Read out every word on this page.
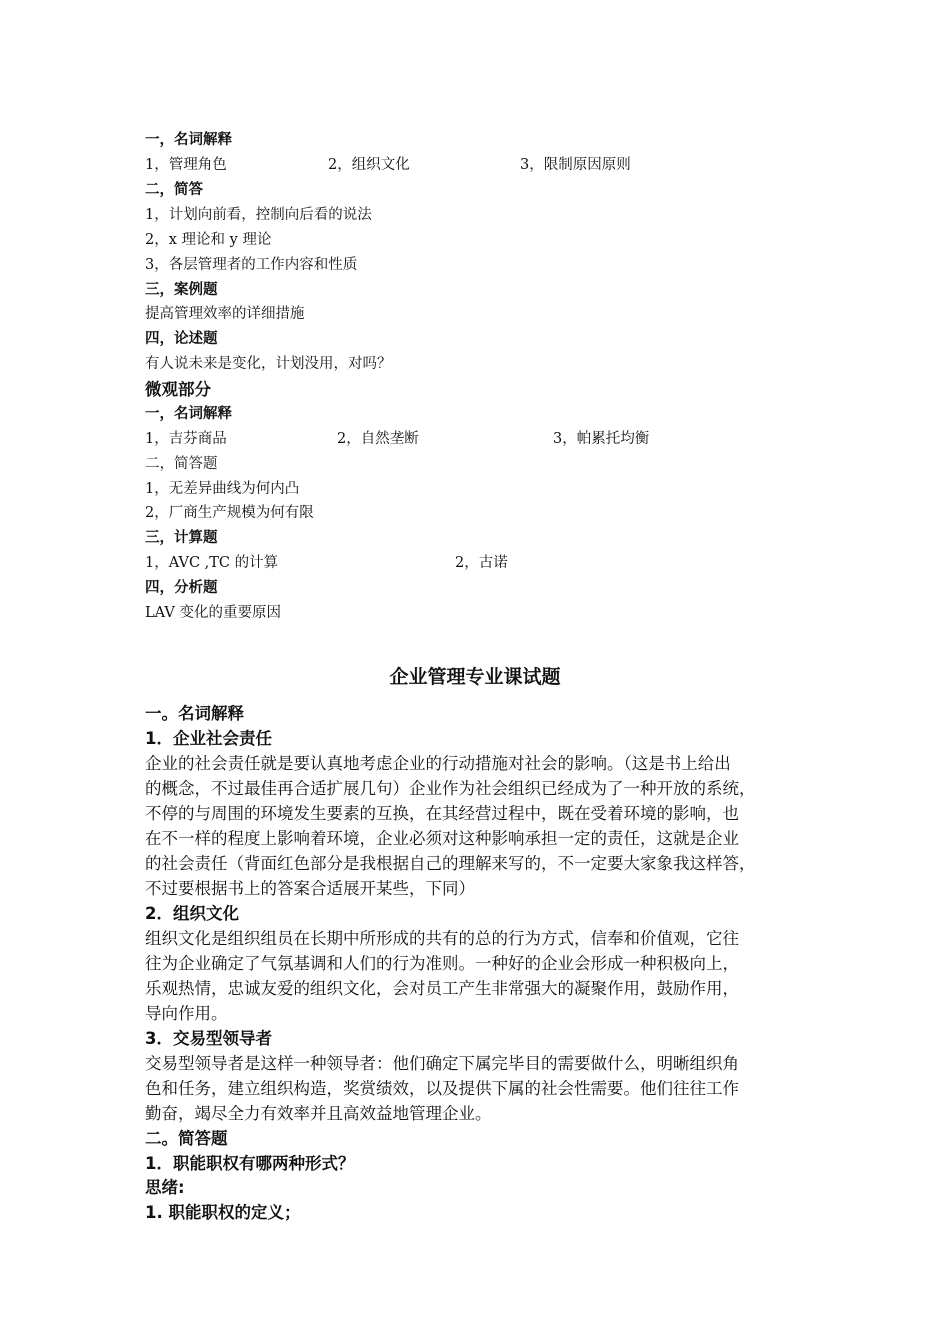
一，名词解释
1，管理角色	2，组织文化	3，限制原因原则
二，简答
1，计划向前看，控制向后看的说法
2，x 理论和 y 理论
3，各层管理者的工作内容和性质
三，案例题
提高管理效率的详细措施
四，论述题
有人说未来是变化，计划没用，对吗？
微观部分
一，名词解释
1，吉芬商品	2，自然垄断	3，帕累托均衡
二，简答题
1，无差异曲线为何内凸
2，厂商生产规模为何有限
三，计算题
1，AVC ,TC 的计算	2，古诺
四，分析题
LAV 变化的重要原因
企业管理专业课试题
一。名词解释
1．企业社会责任
企业的社会责任就是要认真地考虑企业的行动措施对社会的影响。（这是书上给出
的概念，不过最佳再合适扩展几句）企业作为社会组织已经成为了一种开放的系统，
不停的与周围的环境发生要素的互换，在其经营过程中，既在受着环境的影响，也
在不一样的程度上影响着环境，企业必须对这种影响承担一定的责任，这就是企业
的社会责任（背面红色部分是我根据自己的理解来写的，不一定要大家象我这样答，
不过要根据书上的答案合适展开某些，下同）
2．组织文化
组织文化是组织组员在长期中所形成的共有的总的行为方式，信奉和价值观，它往
往为企业确定了气氛基调和人们的行为准则。一种好的企业会形成一种积极向上，
乐观热情，忠诚友爱的组织文化，会对员工产生非常强大的凝聚作用，鼓励作用，
导向作用。
3．交易型领导者
交易型领导者是这样一种领导者：他们确定下属完毕目的需要做什么，明晰组织角
色和任务，建立组织构造，奖赏绩效，以及提供下属的社会性需要。他们往往工作
勤奋，竭尽全力有效率并且高效益地管理企业。
二。简答题
1．职能职权有哪两种形式？
思绪:
1. 职能职权的定义；
